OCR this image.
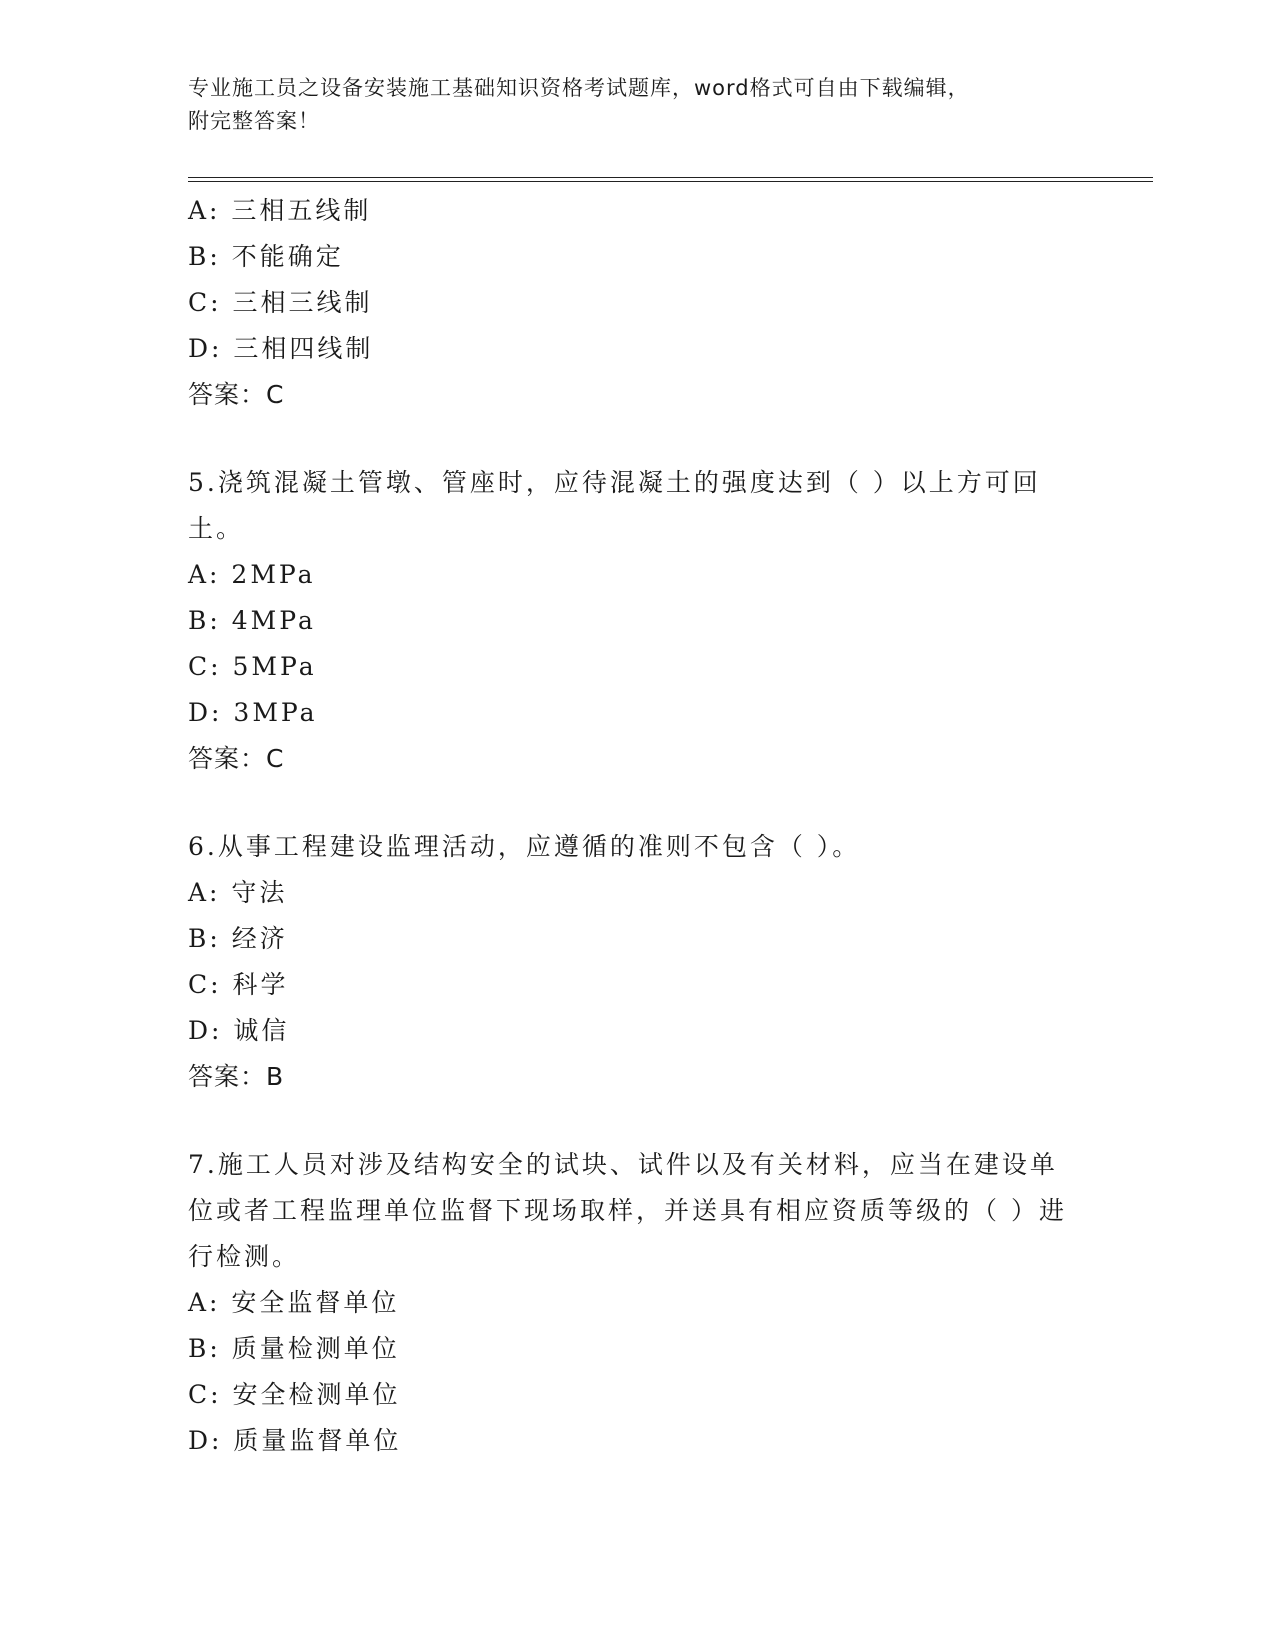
专业施工员之设备安装施工基础知识资格考试题库，word格式可自由下载编辑，
附完整答案！
A: 三相五线制
B: 不能确定
C: 三相三线制
D: 三相四线制
答案：C
5.浇筑混凝土管墩、管座时，应待混凝土的强度达到（ ）以上方可回土。
A: 2MPa
B: 4MPa
C: 5MPa
D: 3MPa
答案：C
6.从事工程建设监理活动，应遵循的准则不包含（ ）。
A: 守法
B: 经济
C: 科学
D: 诚信
答案：B
7.施工人员对涉及结构安全的试块、试件以及有关材料，应当在建设单位或者工程监理单位监督下现场取样，并送具有相应资质等级的（ ）进行检测。
A: 安全监督单位
B: 质量检测单位
C: 安全检测单位
D: 质量监督单位
